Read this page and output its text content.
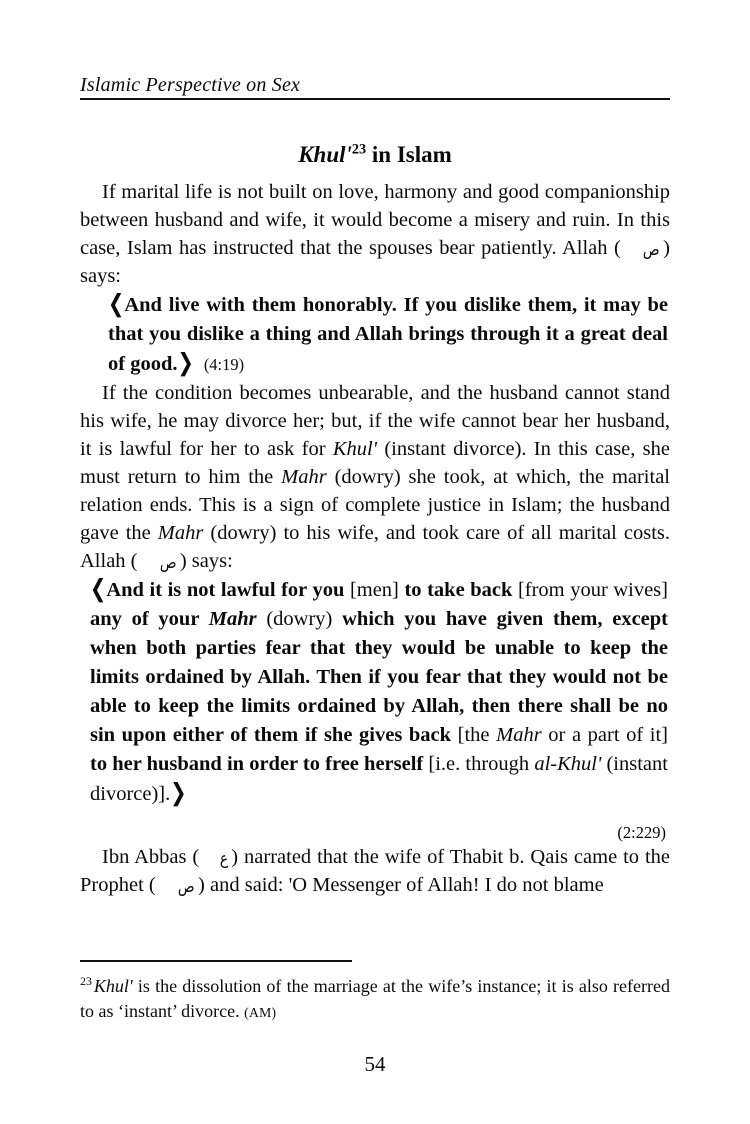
Islamic Perspective on Sex
$Khul'^{23}$ in Islam

If marital life is not built on love, harmony and good companionship between husband and wife, it would become a misery and ruin. In this case, Islam has instructed that the spouses bear patiently. Allah ( ص ) says:

❮And live with them honorably. If you dislike them, it may be that you dislike a thing and Allah brings through it a great deal of good.❯ (4:19)

If the condition becomes unbearable, and the husband cannot stand his wife, he may divorce her; but, if the wife cannot bear her husband, it is lawful for her to ask for Khul' (instant divorce). In this case, she must return to him the Mahr (dowry) she took, at which, the marital relation ends. This is a sign of complete justice in Islam; the husband gave the Mahr (dowry) to his wife, and took care of all marital costs. Allah ( ص ) says:

❮And it is not lawful for you [men] to take back [from your wives] any of your Mahr (dowry) which you have given them, except when both parties fear that they would be unable to keep the limits ordained by Allah. Then if you fear that they would not be able to keep the limits ordained by Allah, then there shall be no sin upon either of them if she gives back [the Mahr or a part of it] to her husband in order to free herself [i.e. through al-Khul' (instant divorce)].❯
(2:229)

Ibn Abbas ( ع ) narrated that the wife of Thabit b. Qais came to the Prophet ( ص ) and said: 'O Messenger of Allah! I do not blame

$^{23}$ Khul' is the dissolution of the marriage at the wife’s instance; it is also referred to as ‘instant’ divorce. (AM)

54
